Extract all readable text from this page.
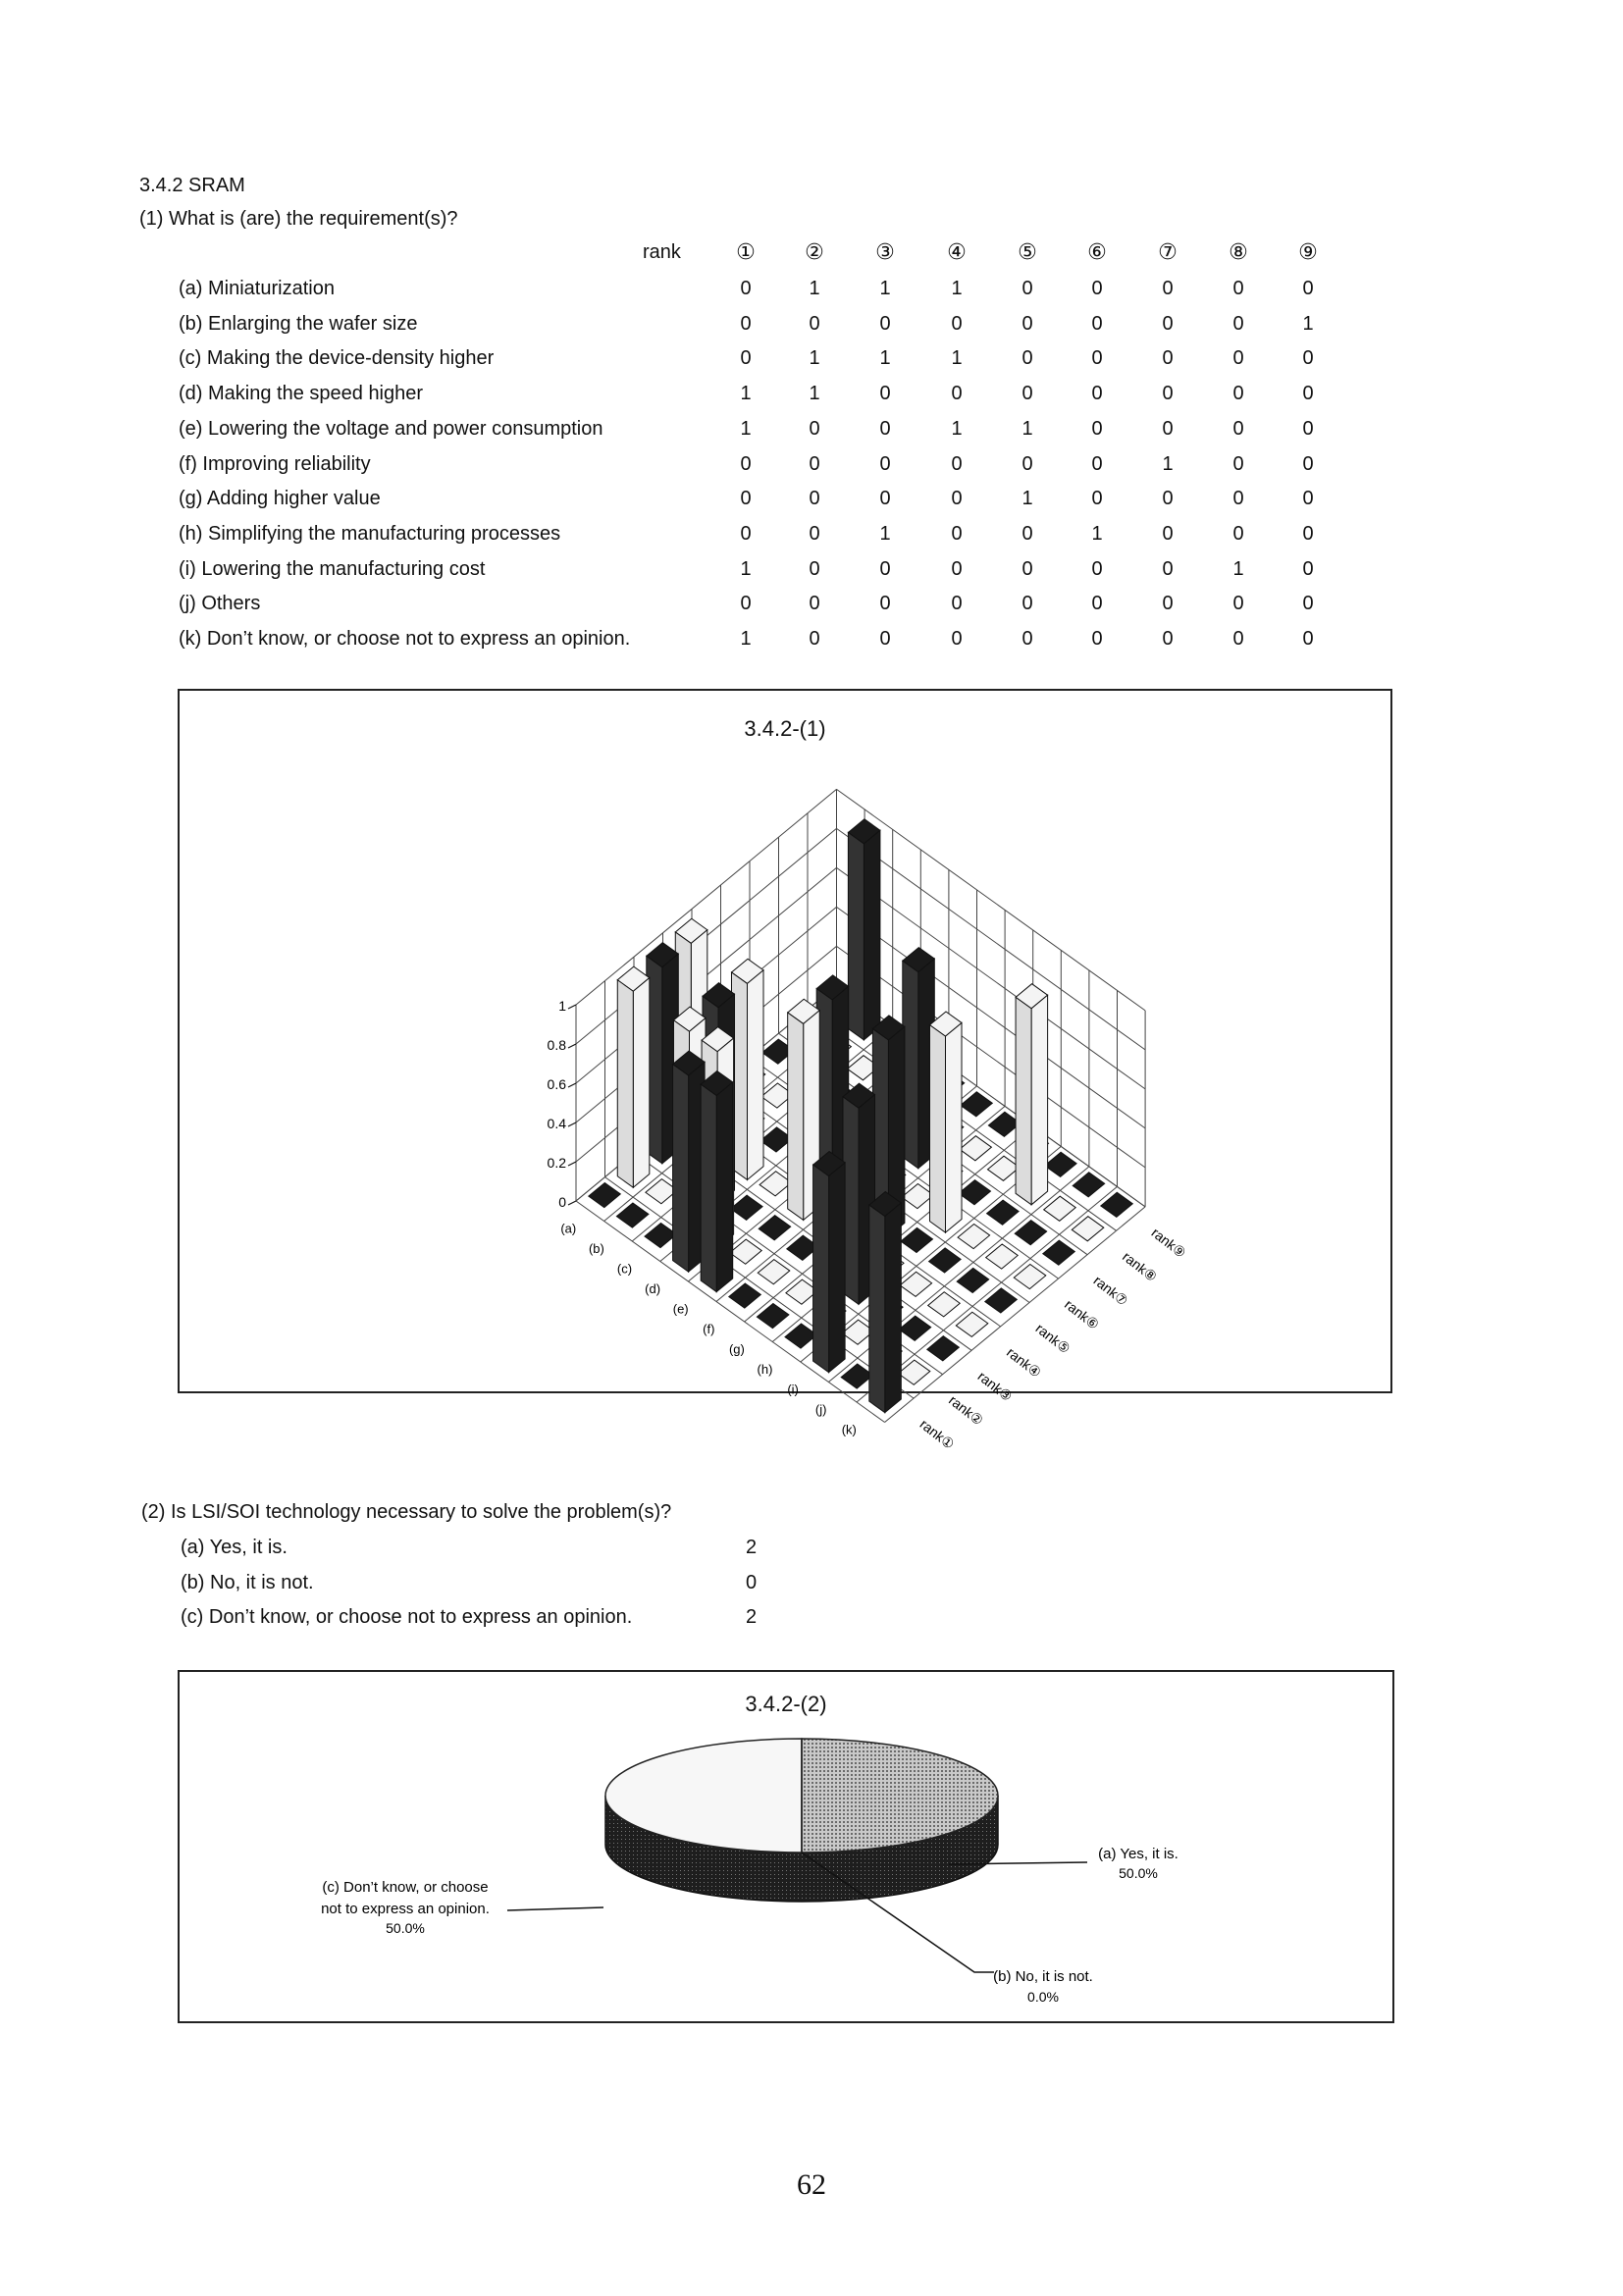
3.4.2 SRAM
(1) What is (are) the requirement(s)?
rank	① ② ③ ④ ⑤ ⑥ ⑦ ⑧ ⑨
(a) Miniaturization	0	1	1	1	0	0	0	0	0
(b) Enlarging the wafer size	0	0	0	0	0	0	0	0	1
(c) Making the device-density higher	0	1	1	1	0	0	0	0	0
(d) Making the speed higher	1	1	0	0	0	0	0	0	0
(e) Lowering the voltage and power consumption	1	0	0	1	1	0	0	0	0
(f) Improving reliability	0	0	0	0	0	0	1	0	0
(g) Adding higher value	0	0	0	0	1	0	0	0	0
(h) Simplifying the manufacturing processes	0	0	1	0	0	1	0	0	0
(i) Lowering the manufacturing cost	1	0	0	0	0	0	0	1	0
(j) Others	0	0	0	0	0	0	0	0	0
(k) Don’t know, or choose not to express an opinion.	1	0	0	0	0	0	0	0	0
3.4.2-(1)
0
0.2
0.4
0.6
0.8
1
(a)
(b)
(c)
(d)
(e)
(f)
(g)
(h)
(i)
(j)
(k)	rank①
rank②
rank③
rank④
rank⑤
rank⑥
rank⑦
rank⑧
rank⑨
(2) Is LSI/SOI technology necessary to solve the problem(s)?
(a) Yes, it is.	2
(b) No, it is not.	0
(c) Don’t know, or choose not to express an opinion.	2
3.4.2-(2)
(a) Yes, it is.
50.0%
(b) No, it is not.
0.0%
(c) Don’t know, or choose
not to express an opinion.
50.0%
62
